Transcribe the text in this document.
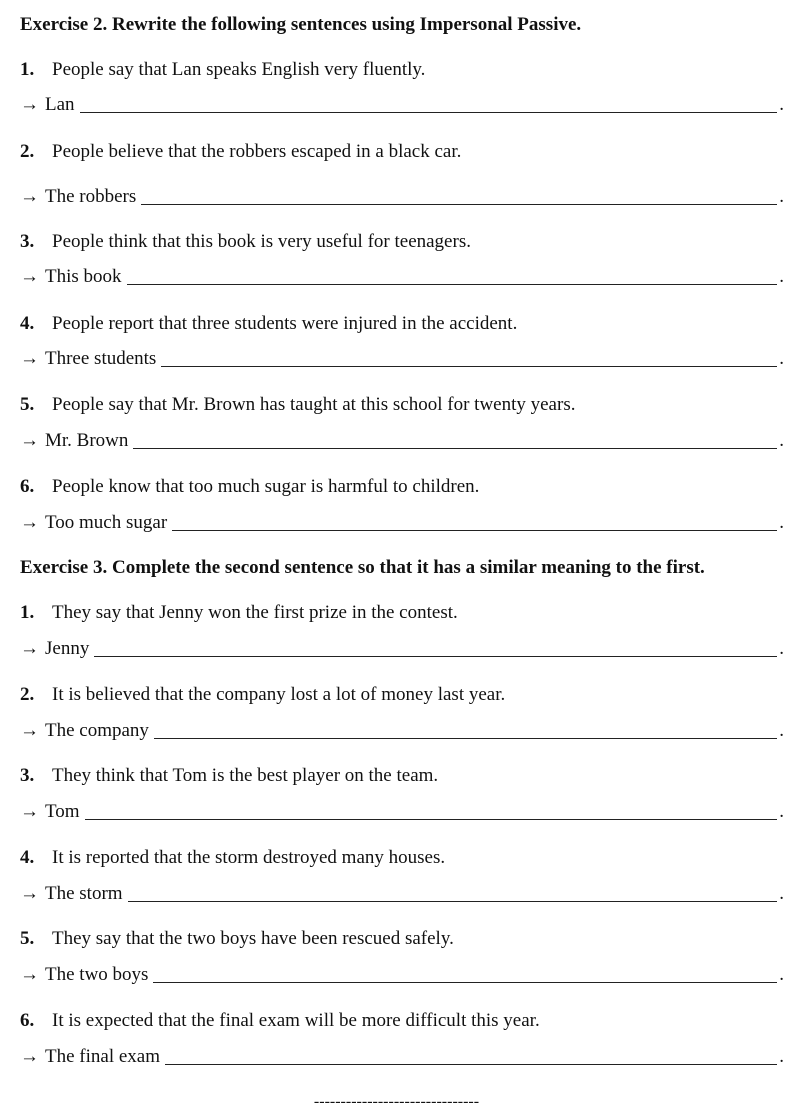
Exercise 2. Rewrite the following sentences using Impersonal Passive.
1. People say that Lan speaks English very fluently.
→ Lan	.
2. People believe that the robbers escaped in a black car.
→ The robbers	.
3. People think that this book is very useful for teenagers.
→ This book	.
4. People report that three students were injured in the accident.
→ Three students	.
5. People say that Mr. Brown has taught at this school for twenty years.
→ Mr. Brown	.
6. People know that too much sugar is harmful to children.
→ Too much sugar	.
Exercise 3. Complete the second sentence so that it has a similar meaning to the first.
1. They say that Jenny won the first prize in the contest.
→ Jenny	.
2. It is believed that the company lost a lot of money last year.
→ The company	.
3. They think that Tom is the best player on the team.
→ Tom	.
4. It is reported that the storm destroyed many houses.
→ The storm	.
5. They say that the two boys have been rescued safely.
→ The two boys	.
6. It is expected that the final exam will be more difficult this year.
→ The final exam	.
-------------------------------
